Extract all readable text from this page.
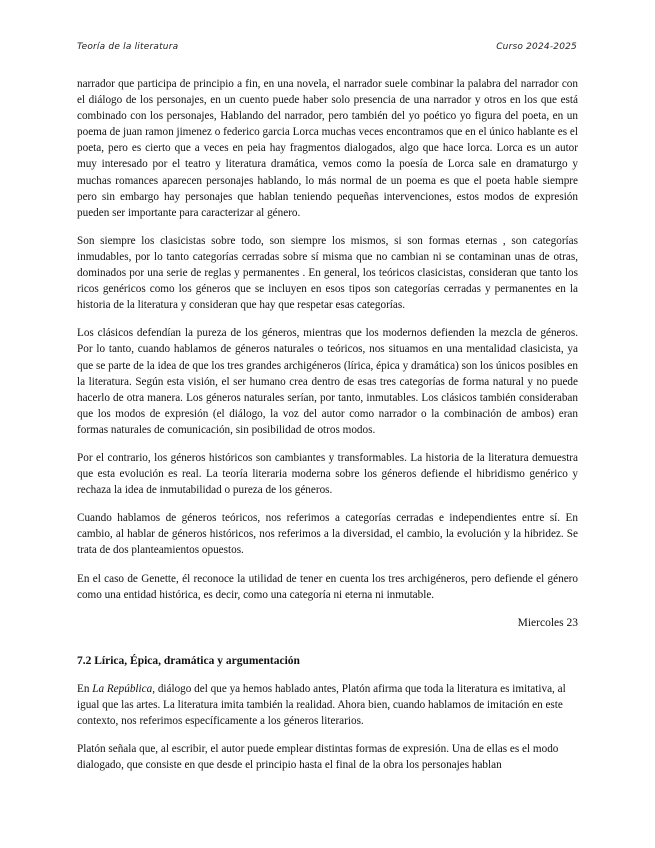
Teoría de la literatura	Curso 2024-2025

narrador que participa de principio a fin, en una novela, el narrador suele combinar la palabra del narrador con el diálogo de los personajes, en un cuento puede haber solo presencia de una narrador y otros en los que está combinado con los personajes, Hablando del narrador, pero también del yo poético yo figura del poeta, en un poema de juan ramon jimenez o federico garcia Lorca muchas veces encontramos que en el único hablante es el poeta, pero es cierto que a veces en peia hay fragmentos dialogados, algo que hace lorca. Lorca es un autor muy interesado por el teatro y literatura dramática, vemos como la poesía de Lorca sale en dramaturgo y muchas romances aparecen personajes hablando, lo más normal de un poema es que el poeta hable siempre pero sin embargo hay personajes que hablan teniendo pequeñas intervenciones, estos modos de expresión pueden ser importante para caracterizar al género.

Son siempre los clasicistas sobre todo, son siempre los mismos, si son formas eternas , son categorías inmudables, por lo tanto categorías cerradas sobre sí misma que no cambian ni se contaminan unas de otras, dominados por una serie de reglas y permanentes . En general, los teóricos clasicistas, consideran que tanto los ricos genéricos como los géneros que se incluyen en esos tipos son categorías cerradas y permanentes en la historia de la literatura y consideran que hay que respetar esas categorías.

Los clásicos defendían la pureza de los géneros, mientras que los modernos defienden la mezcla de géneros. Por lo tanto, cuando hablamos de géneros naturales o teóricos, nos situamos en una mentalidad clasicista, ya que se parte de la idea de que los tres grandes archigéneros (lírica, épica y dramática) son los únicos posibles en la literatura. Según esta visión, el ser humano crea dentro de esas tres categorías de forma natural y no puede hacerlo de otra manera. Los géneros naturales serían, por tanto, inmutables. Los clásicos también consideraban que los modos de expresión (el diálogo, la voz del autor como narrador o la combinación de ambos) eran formas naturales de comunicación, sin posibilidad de otros modos.

Por el contrario, los géneros históricos son cambiantes y transformables. La historia de la literatura demuestra que esta evolución es real. La teoría literaria moderna sobre los géneros defiende el hibridismo genérico y rechaza la idea de inmutabilidad o pureza de los géneros.

Cuando hablamos de géneros teóricos, nos referimos a categorías cerradas e independientes entre sí. En cambio, al hablar de géneros históricos, nos referimos a la diversidad, el cambio, la evolución y la hibridez. Se trata de dos planteamientos opuestos.

En el caso de Genette, él reconoce la utilidad de tener en cuenta los tres archigéneros, pero defiende el género como una entidad histórica, es decir, como una categoría ni eterna ni inmutable.

Miercoles 23
7.2 Lírica, Épica, dramática y argumentación

En La República, diálogo del que ya hemos hablado antes, Platón afirma que toda la literatura es imitativa, al igual que las artes. La literatura imita también la realidad. Ahora bien, cuando hablamos de imitación en este contexto, nos referimos específicamente a los géneros literarios.

Platón señala que, al escribir, el autor puede emplear distintas formas de expresión. Una de ellas es el modo dialogado, que consiste en que desde el principio hasta el final de la obra los personajes hablan
